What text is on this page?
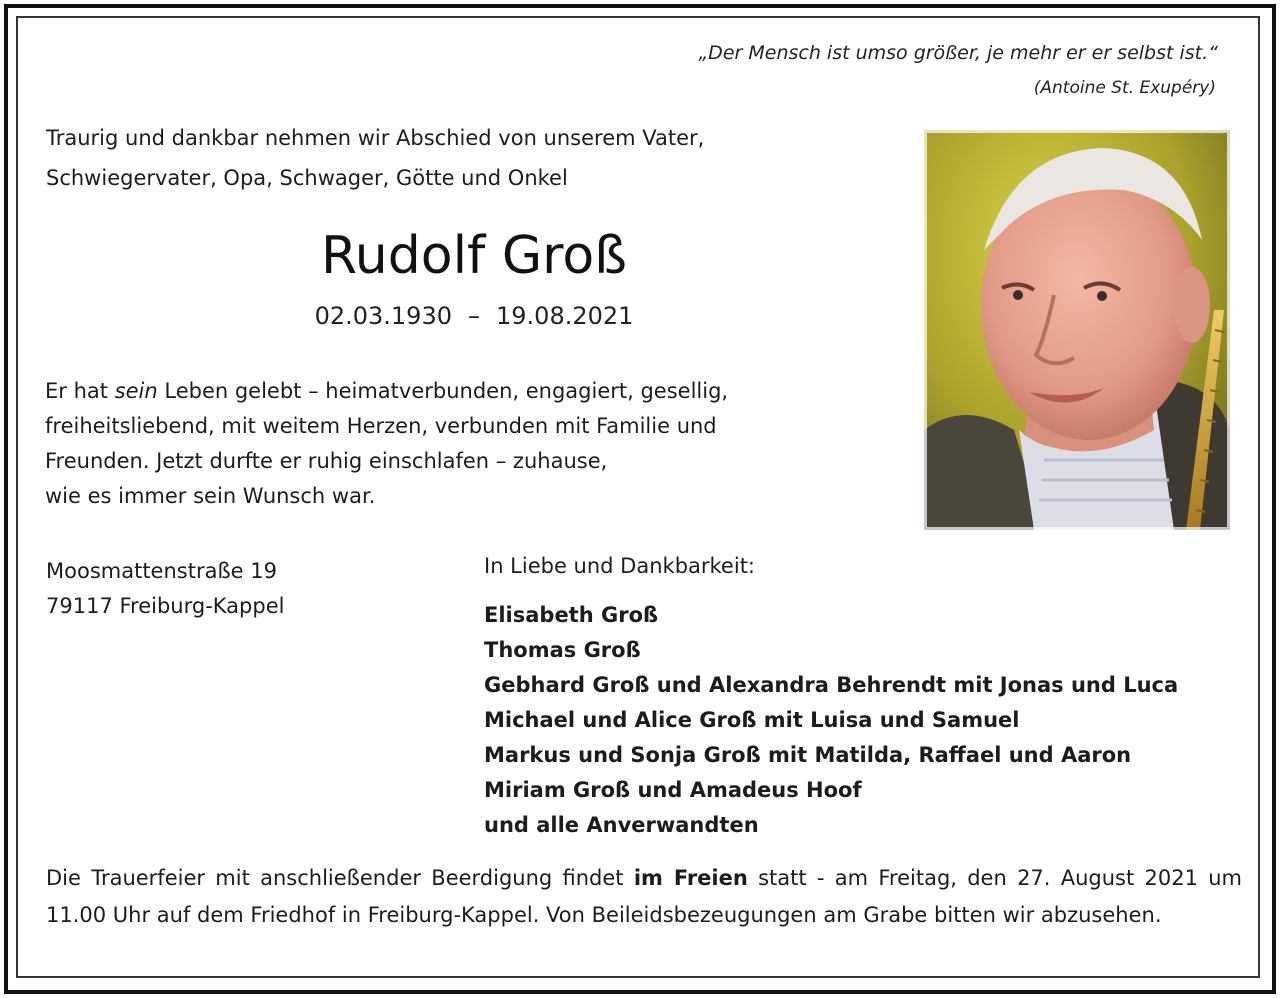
„Der Mensch ist umso größer, je mehr er er selbst ist.“
(Antoine St. Exupéry)
Traurig und dankbar nehmen wir Abschied von unserem Vater,
Schwiegervater, Opa, Schwager, Götte und Onkel
Rudolf Groß
02.03.1930 – 19.08.2021
Er hat sein Leben gelebt – heimatverbunden, engagiert, gesellig,
freiheitsliebend, mit weitem Herzen, verbunden mit Familie und
Freunden. Jetzt durfte er ruhig einschlafen – zuhause,
wie es immer sein Wunsch war.
Moosmattenstraße 19
79117 Freiburg-Kappel
In Liebe und Dankbarkeit:
Elisabeth Groß
Thomas Groß
Gebhard Groß und Alexandra Behrendt mit Jonas und Luca
Michael und Alice Groß mit Luisa und Samuel
Markus und Sonja Groß mit Matilda, Raffael und Aaron
Miriam Groß und Amadeus Hoof
und alle Anverwandten
Die Trauerfeier mit anschließender Beerdigung findet im Freien statt - am Freitag, den 27. August 2021 um 11.00 Uhr auf dem Friedhof in Freiburg-Kappel. Von Beileidsbezeugungen am Grabe bitten wir abzusehen.
